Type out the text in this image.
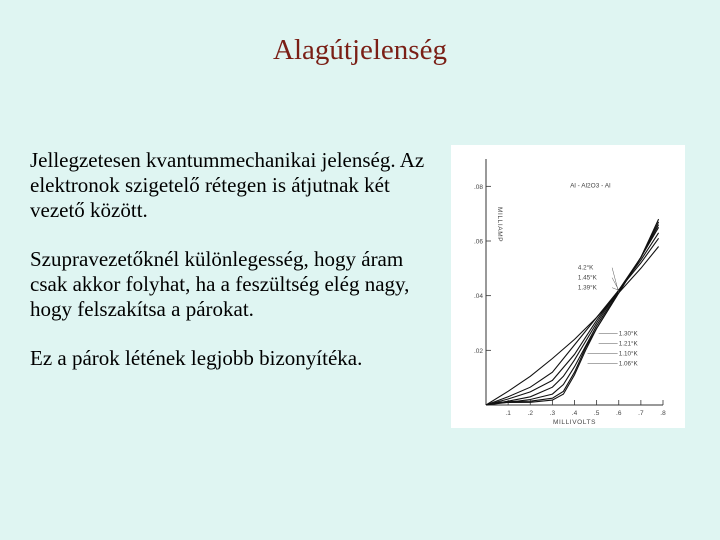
Alagútjelenség

Jellegzetesen kvantummechanikai jelenség. Az elektronok szigetelő rétegen is átjutnak két vezető között.

Szupravezetőknél különlegesség, hogy áram csak akkor folyhat, ha a feszültség elég nagy, hogy felszakítsa a párokat.

Ez a párok létének legjobb bizonyítéka.

.1	.2	.3	.4	.5	.6	.7	.8
.02
.04
.06
.08
MILLIVOLTS
MILLIAMP
Al - Al2O3 - Al
4.2°K
1.45°K
1.39°K
1.30°K
1.21°K
1.10°K
1.06°K
